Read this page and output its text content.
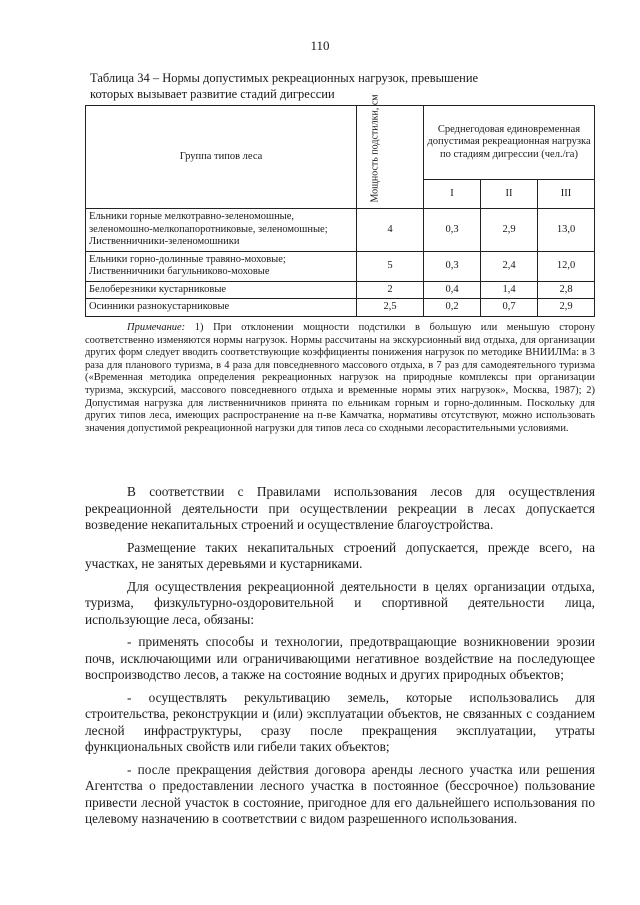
110
Таблица 34 – Нормы допустимых рекреационных нагрузок, превышение
которых вызывает развитие стадий дигрессии
Группа типов леса	Мощность подстилки, см	Среднегодовая единовременная допустимая рекреационная нагрузка по стадиям дигрессии (чел./га)		
		I	II	III
Ельники горные мелкотравно-зеленомошные, зеленомошно-мелкопапоротниковые, зеленомошные; Лиственничники-зеленомошники	4	0,3	2,9	13,0
Ельники горно-долинные травяно-моховые; Лиственничники багульниково-моховые	5	0,3	2,4	12,0
Белоберезники кустарниковые	2	0,4	1,4	2,8
Осинники разнокустарниковые	2,5	0,2	0,7	2,9
Примечание: 1) При отклонении мощности подстилки в большую или меньшую сторону соответственно изменяются нормы нагрузок. Нормы рассчитаны на экскурсионный вид отдыха, для организации других форм следует вводить соответствующие коэффициенты понижения нагрузок по методике ВНИИЛМа: в 3 раза для планового туризма, в 4 раза для повседневного массового отдыха, в 7 раз для самодеятельного туризма («Временная методика определения рекреационных нагрузок на природные комплексы при организации туризма, экскурсий, массового повседневного отдыха и временные нормы этих нагрузок», Москва, 1987); 2) Допустимая нагрузка для лиственничников принята по ельникам горным и горно-долинным. Поскольку для других типов леса, имеющих распространение на п-ве Камчатка, нормативы отсутствуют, можно использовать значения допустимой рекреационной нагрузки для типов леса со сходными лесорастительными условиями.

В соответствии с Правилами использования лесов для осуществления рекреационной деятельности при осуществлении рекреации в лесах допускается возведение некапитальных строений и осуществление благоустройства.

Размещение таких некапитальных строений допускается, прежде всего, на участках, не занятых деревьями и кустарниками.

Для осуществления рекреационной деятельности в целях организации отдыха, туризма, физкультурно-оздоровительной и спортивной деятельности лица, использующие леса, обязаны:

- применять способы и технологии, предотвращающие возникновении эрозии почв, исключающими или ограничивающими негативное воздействие на последующее воспроизводство лесов, а также на состояние водных и других природных объектов;

- осуществлять рекультивацию земель, которые использовались для строительства, реконструкции и (или) эксплуатации объектов, не связанных с созданием лесной инфраструктуры, сразу после прекращения эксплуатации, утраты функциональных свойств или гибели таких объектов;

- после прекращения действия договора аренды лесного участка или решения Агентства о предоставлении лесного участка в постоянное (бессрочное) пользование привести лесной участок в состояние, пригодное для его дальнейшего использования по целевому назначению в соответствии с видом разрешенного использования.
